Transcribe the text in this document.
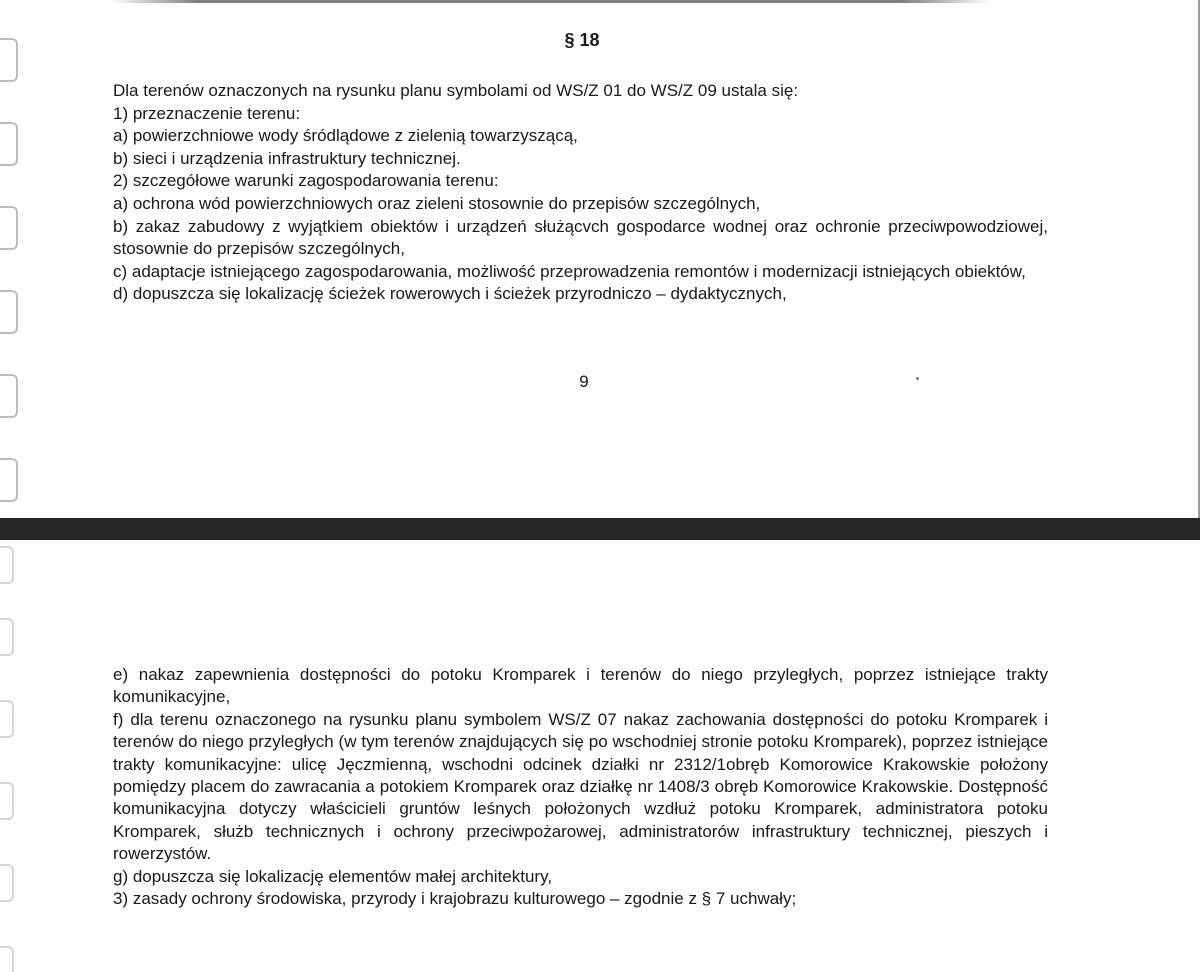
§ 18

Dla terenów oznaczonych na rysunku planu symbolami od WS/Z 01 do WS/Z 09 ustala się:

1) przeznaczenie terenu:

a) powierzchniowe wody śródlądowe z zielenią towarzyszącą,

b) sieci i urządzenia infrastruktury technicznej.

2) szczegółowe warunki zagospodarowania terenu:

a) ochrona wód powierzchniowych oraz zieleni stosownie do przepisów szczególnych,

b) zakaz zabudowy z wyjątkiem obiektów i urządzeń służącvch gospodarce wodnej oraz ochronie przeciwpowodziowej, stosownie do przepisów szczególnych,

c) adaptacje istniejącego zagospodarowania, możliwość przeprowadzenia remontów i modernizacji istniejących obiektów,

d) dopuszcza się lokalizację ścieżek rowerowych i ścieżek przyrodniczo – dydaktycznych,

9

e) nakaz zapewnienia dostępności do potoku Kromparek i terenów do niego przyległych, poprzez istniejące trakty komunikacyjne,

f) dla terenu oznaczonego na rysunku planu symbolem WS/Z 07 nakaz zachowania dostępności do potoku Kromparek i terenów do niego przyległych (w tym terenów znajdujących się po wschodniej stronie potoku Kromparek), poprzez istniejące trakty komunikacyjne: ulicę Jęczmienną, wschodni odcinek działki nr 2312/1obręb Komorowice Krakowskie położony pomiędzy placem do zawracania a potokiem Kromparek oraz działkę nr 1408/3 obręb Komorowice Krakowskie. Dostępność komunikacyjna dotyczy właścicieli gruntów leśnych położonych wzdłuż potoku Kromparek, administratora potoku Kromparek, służb technicznych i ochrony przeciwpożarowej, administratorów infrastruktury technicznej, pieszych i rowerzystów.

g) dopuszcza się lokalizację elementów małej architektury,

3) zasady ochrony środowiska, przyrody i krajobrazu kulturowego – zgodnie z § 7 uchwały;
